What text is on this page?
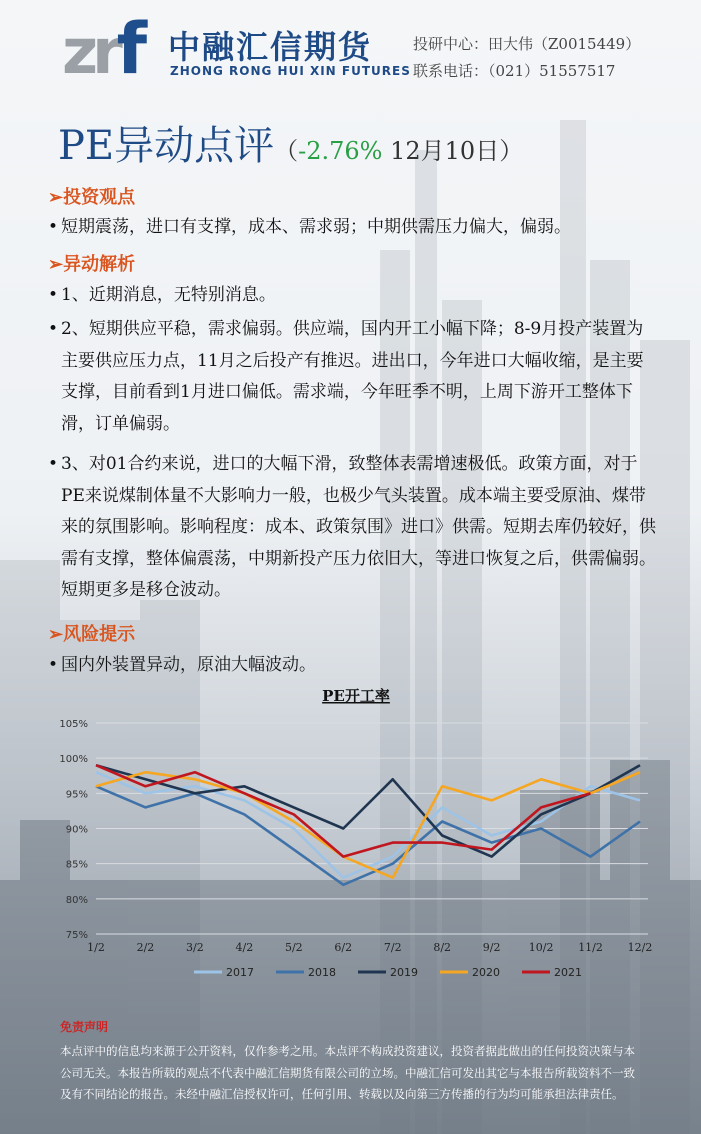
zrf 中融汇信期货
ZHONG RONG HUI XIN FUTURES
投研中心：田大伟（Z0015449）
联系电话：（021）51557517
PE异动点评（-2.76% 12月10日）
➢投资观点
• 短期震荡，进口有支撑，成本、需求弱；中期供需压力偏大，偏弱。
➢异动解析
• 1、近期消息，无特别消息。
• 2、短期供应平稳，需求偏弱。供应端，国内开工小幅下降；8-9月投产装置为主要供应压力点，11月之后投产有推迟。进出口，今年进口大幅收缩，是主要支撑，目前看到1月进口偏低。需求端，今年旺季不明，上周下游开工整体下滑，订单偏弱。
• 3、对01合约来说，进口的大幅下滑，致整体表需增速极低。政策方面，对于PE来说煤制体量不大影响力一般，也极少气头装置。成本端主要受原油、煤带来的氛围影响。影响程度：成本、政策氛围》进口》供需。短期去库仍较好，供需有支撑，整体偏震荡，中期新投产压力依旧大，等进口恢复之后，供需偏弱。短期更多是移仓波动。
➢风险提示
• 国内外装置异动，原油大幅波动。
PE开工率
105%
100%
95%
90%
85%
80%
75%
1/2	2/2	3/2	4/2	5/2	6/2	7/2	8/2	9/2	10/2 11/2 12/2
2017	2018	2019	2020	2021
免责声明
本点评中的信息均来源于公开资料，仅作参考之用。本点评不构成投资建议，投资者据此做出的任何投资决策与本公司无关。本报告所载的观点不代表中融汇信期货有限公司的立场。中融汇信可发出其它与本报告所载资料不一致及有不同结论的报告。未经中融汇信授权许可，任何引用、转载以及向第三方传播的行为均可能承担法律责任。
